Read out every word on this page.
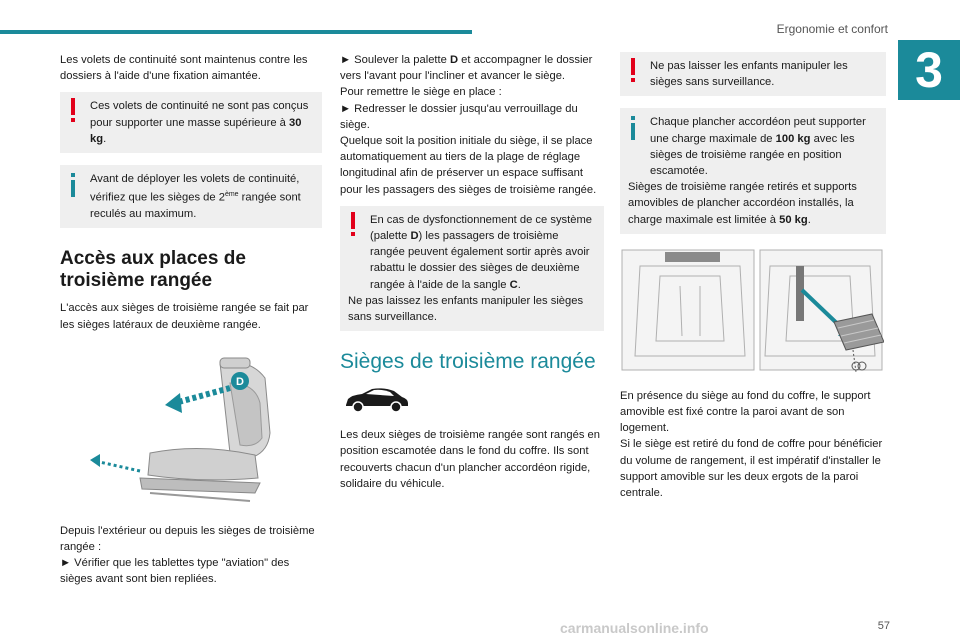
Ergonomie et confort
3

Les volets de continuité sont maintenus contre les dossiers à l'aide d'une fixation aimantée.

Ces volets de continuité ne sont pas conçus pour supporter une masse supérieure à 30 kg.

Avant de déployer les volets de continuité, vérifiez que les sièges de 2ème rangée sont reculés au maximum.

Accès aux places de troisième rangée

L'accès aux sièges de troisième rangée se fait par les sièges latéraux de deuxième rangée.

D

Depuis l'extérieur ou depuis les sièges de troisième rangée :

► Vérifier que les tablettes type "aviation" des sièges avant sont bien repliées.

► Soulever la palette D et accompagner le dossier vers l'avant pour l'incliner et avancer le siège.

Pour remettre le siège en place :

► Redresser le dossier jusqu'au verrouillage du siège.

Quelque soit la position initiale du siège, il se place automatiquement au tiers de la plage de réglage longitudinal afin de préserver un espace suffisant pour les passagers des sièges de troisième rangée.

En cas de dysfonctionnement de ce système (palette D) les passagers de troisième rangée peuvent également sortir après avoir rabattu le dossier des sièges de deuxième rangée à l'aide de la sangle C.

Ne pas laissez les enfants manipuler les sièges sans surveillance.

Sièges de troisième rangée

Les deux sièges de troisième rangée sont rangés en position escamotée dans le fond du coffre. Ils sont recouverts chacun d'un plancher accordéon rigide, solidaire du véhicule.

Ne pas laisser les enfants manipuler les sièges sans surveillance.

Chaque plancher accordéon peut supporter une charge maximale de 100 kg avec les sièges de troisième rangée en position escamotée.

Sièges de troisième rangée retirés et supports amovibles de plancher accordéon installés, la charge maximale est limitée à 50 kg.

En présence du siège au fond du coffre, le support amovible est fixé contre la paroi avant de son logement.

Si le siège est retiré du fond de coffre pour bénéficier du volume de rangement, il est impératif d'installer le support amovible sur les deux ergots de la paroi centrale.

carmanualsonline.info	57
